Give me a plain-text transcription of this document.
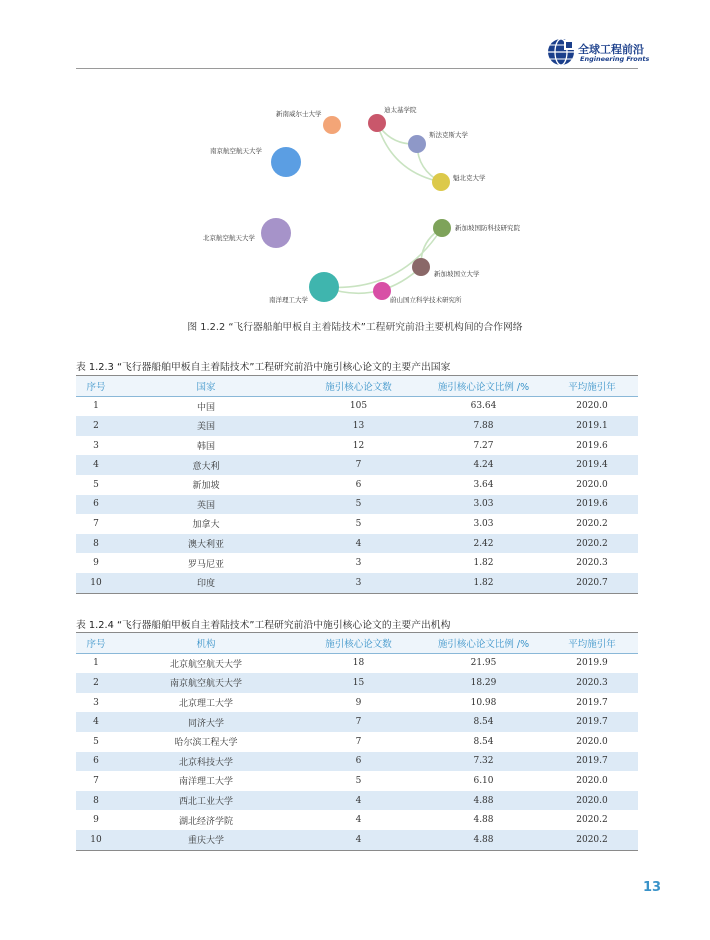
全球工程前沿
Engineering Fronts
新南威尔士大学	迪太基学院
斯法克斯大学
魁北克大学
南京航空航天大学
新加坡国防科技研究院
北京航空航天大学
新加坡国立大学
南洋理工大学	蔚山国立科学技术研究所
图 1.2.2 “飞行器船舶甲板自主着陆技术”工程研究前沿主要机构间的合作网络
表 1.2.3 “飞行器船舶甲板自主着陆技术”工程研究前沿中施引核心论文的主要产出国家
序号	国家	施引核心论文数	施引核心论文比例 /%	平均施引年
1	中国	105	63.64	2020.0
2	美国	13	7.88	2019.1
3	韩国	12	7.27	2019.6
4	意大利	7	4.24	2019.4
5	新加坡	6	3.64	2020.0
6	英国	5	3.03	2019.6
7	加拿大	5	3.03	2020.2
8	澳大利亚	4	2.42	2020.2
9	罗马尼亚	3	1.82	2020.3
10	印度	3	1.82	2020.7
表 1.2.4 “飞行器船舶甲板自主着陆技术”工程研究前沿中施引核心论文的主要产出机构
序号	机构	施引核心论文数	施引核心论文比例 /%	平均施引年
1	北京航空航天大学	18	21.95	2019.9
2	南京航空航天大学	15	18.29	2020.3
3	北京理工大学	9	10.98	2019.7
4	同济大学	7	8.54	2019.7
5	哈尔滨工程大学	7	8.54	2020.0
6	北京科技大学	6	7.32	2019.7
7	南洋理工大学	5	6.10	2020.0
8	西北工业大学	4	4.88	2020.0
9	湖北经济学院	4	4.88	2020.2
10	重庆大学	4	4.88	2020.2
13
